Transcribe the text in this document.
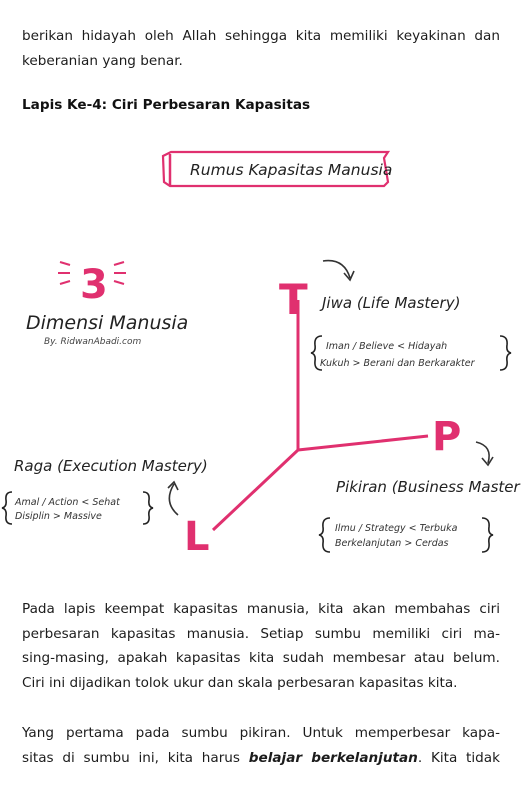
berikan hidayah oleh Allah sehingga kita memiliki keyakinan dan
keberanian yang benar.
Lapis Ke-4: Ciri Perbesaran Kapasitas
Rumus Kapasitas Manusia
3
Dimensi Manusia
By. RidwanAbadi.com
T
P
L
Jiwa (Life Mastery)
Iman / Believe < Hidayah
Kukuh > Berani dan Berkarakter
Raga (Execution Mastery)
Amal / Action < Sehat
Disiplin > Massive
Pikiran (Business Master
Ilmu / Strategy < Terbuka
Berkelanjutan > Cerdas
Pada lapis keempat kapasitas manusia, kita akan membahas ciri
perbesaran kapasitas manusia. Setiap sumbu memiliki ciri ma-
sing-masing, apakah kapasitas kita sudah membesar atau belum.
Ciri ini dijadikan tolok ukur dan skala perbesaran kapasitas kita.
Yang pertama pada sumbu pikiran. Untuk memperbesar kapa-
sitas di sumbu ini, kita harus belajar berkelanjutan. Kita tidak
